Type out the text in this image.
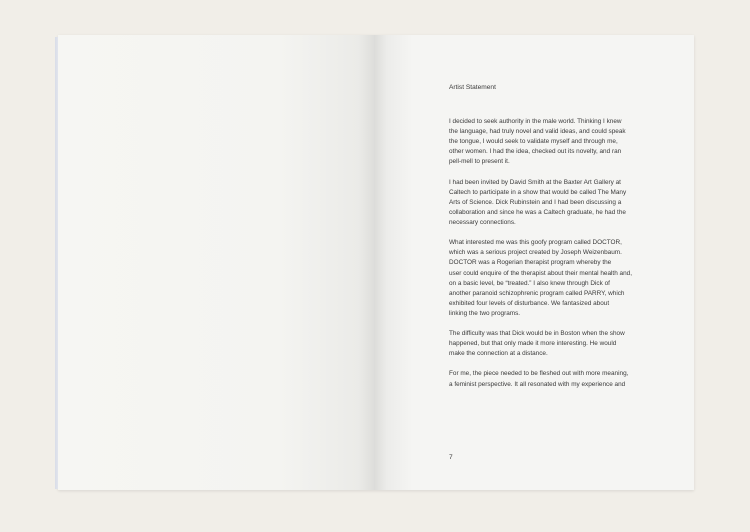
Artist Statement

I decided to seek authority in the male world. Thinking I knew
the language, had truly novel and valid ideas, and could speak
the tongue, I would seek to validate myself and through me,
other women. I had the idea, checked out its novelty, and ran
pell-mell to present it.

I had been invited by David Smith at the Baxter Art Gallery at
Caltech to participate in a show that would be called The Many
Arts of Science. Dick Rubinstein and I had been discussing a
collaboration and since he was a Caltech graduate, he had the
necessary connections.

What interested me was this goofy program called DOCTOR,
which was a serious project created by Joseph Weizenbaum.
DOCTOR was a Rogerian therapist program whereby the
user could enquire of the therapist about their mental health and,
on a basic level, be “treated.” I also knew through Dick of
another paranoid schizophrenic program called PARRY, which
exhibited four levels of disturbance. We fantasized about
linking the two programs.

The difficulty was that Dick would be in Boston when the show
happened, but that only made it more interesting. He would
make the connection at a distance.

For me, the piece needed to be fleshed out with more meaning,
a feminist perspective. It all resonated with my experience and

7
